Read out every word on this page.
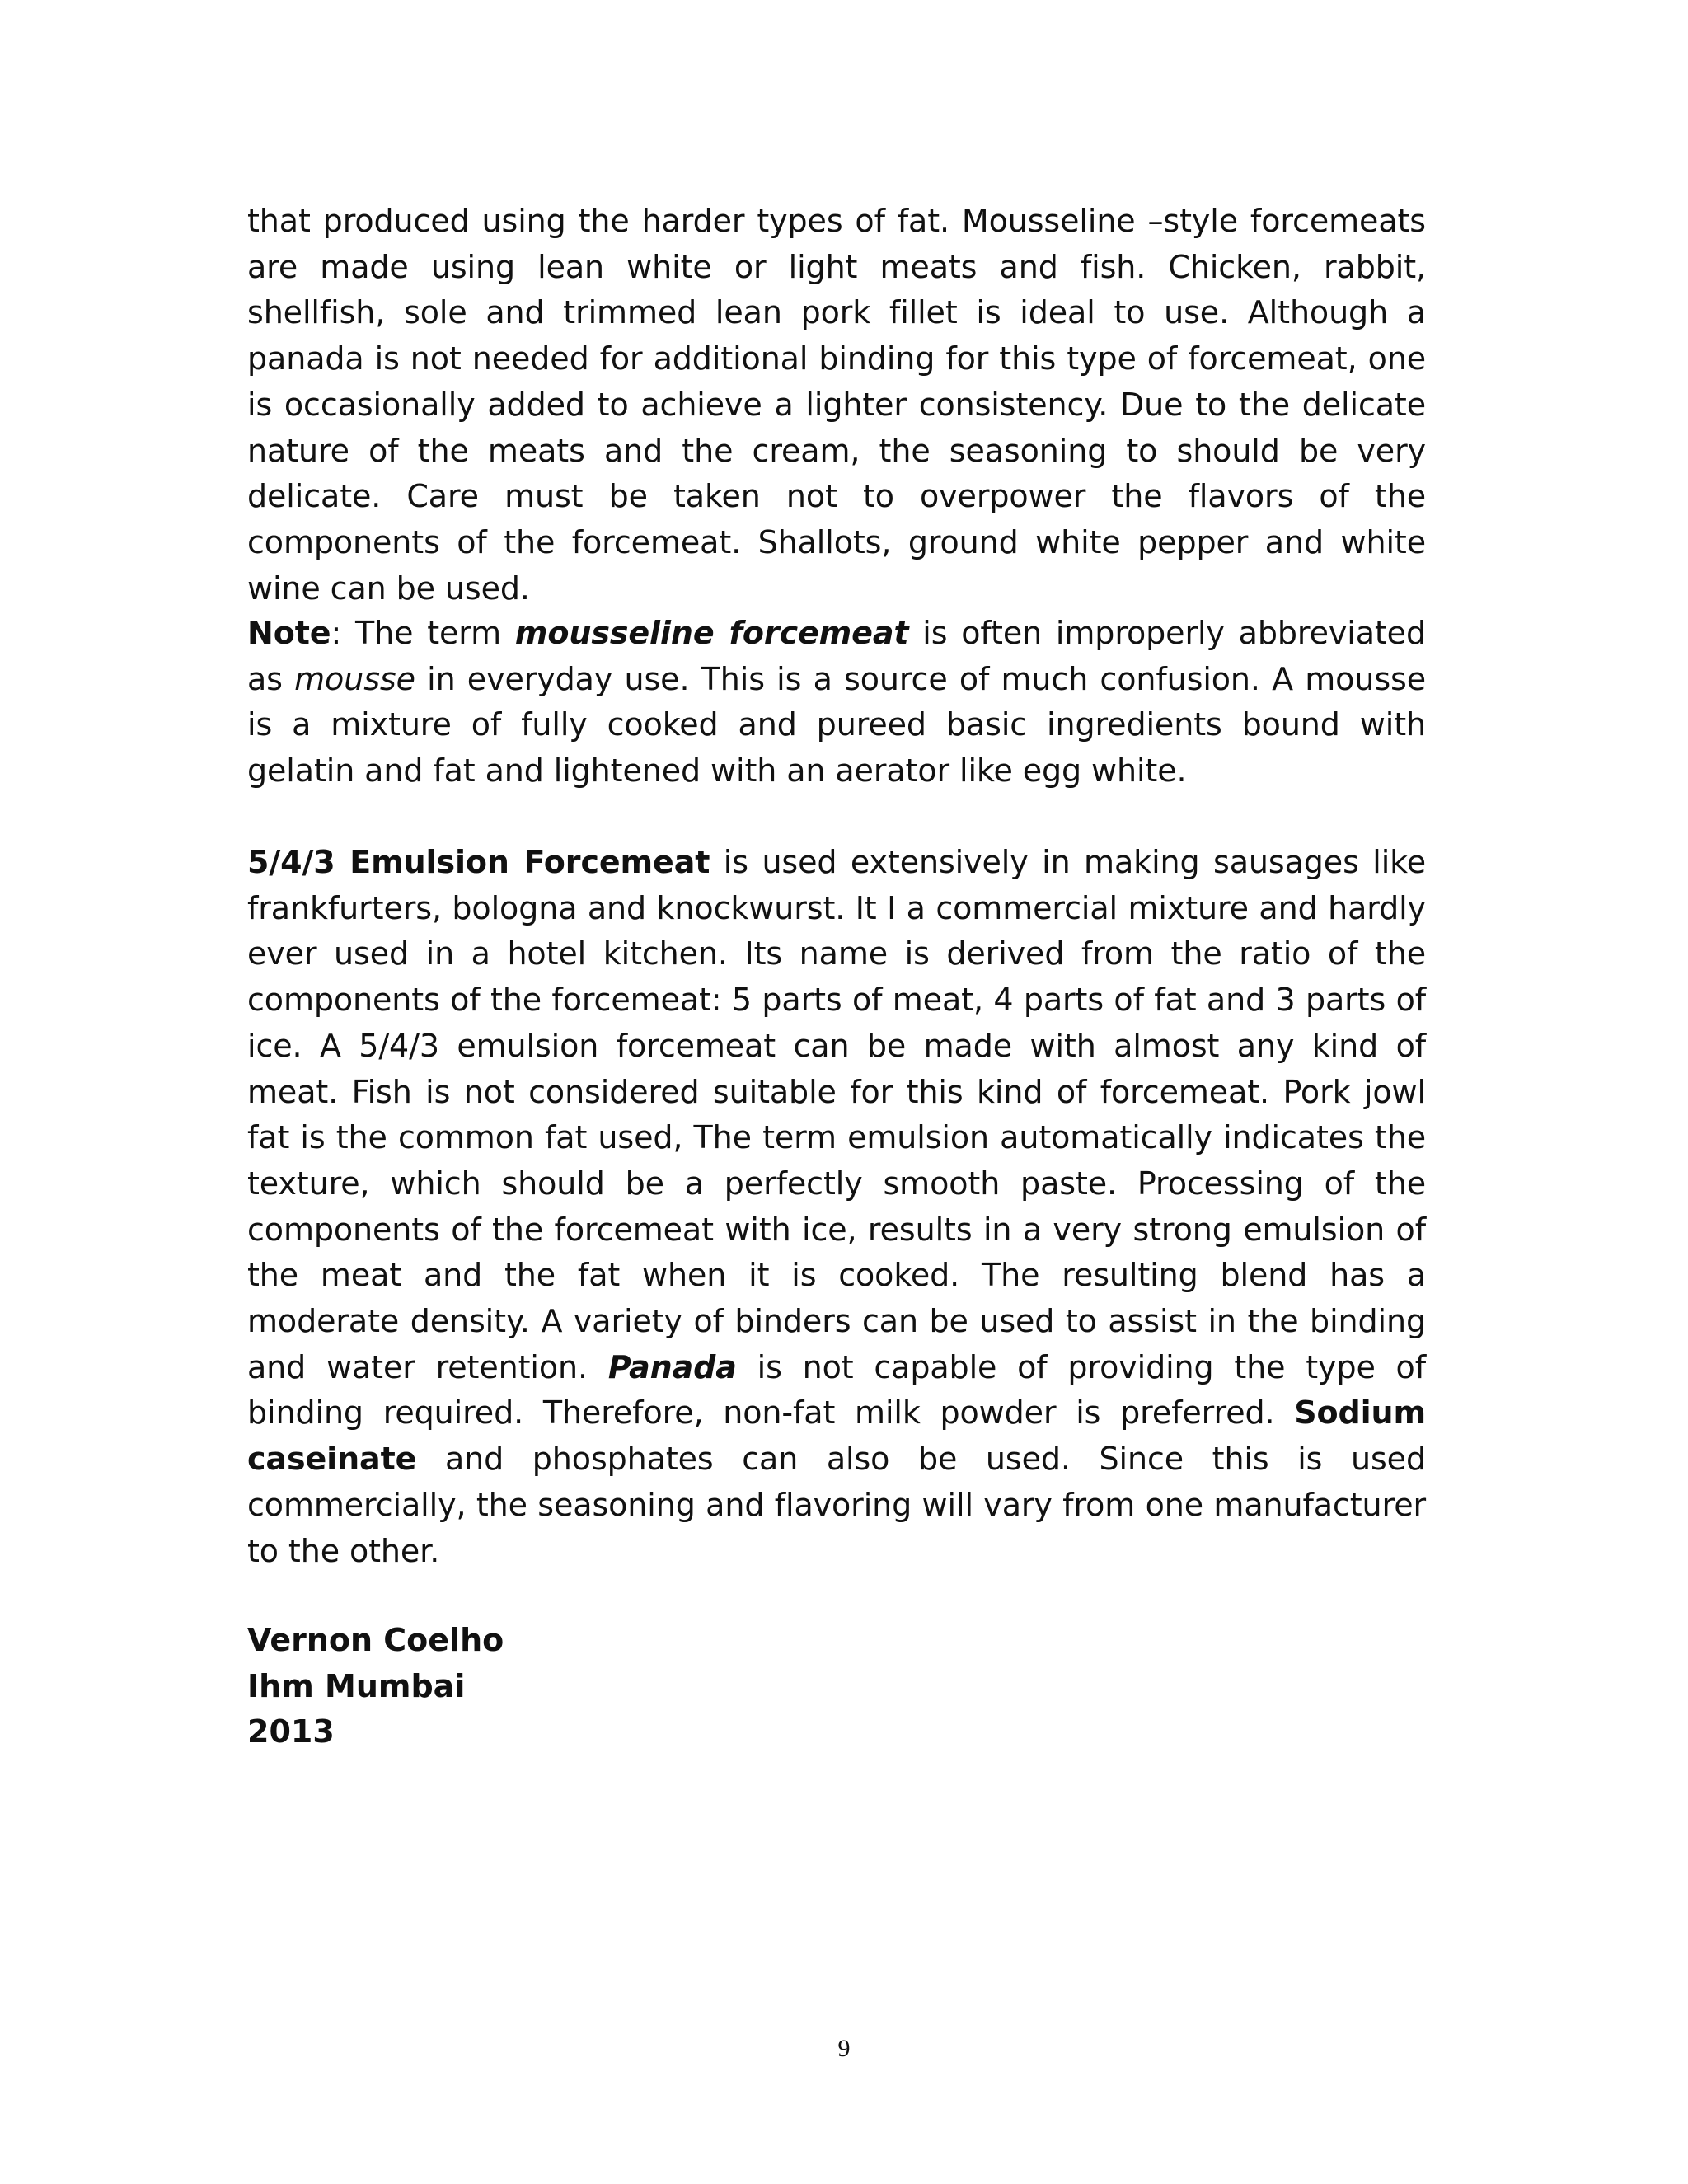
that produced using the harder types of fat. Mousseline –style forcemeats are made using lean white or light meats and fish. Chicken, rabbit, shellfish, sole and trimmed lean pork fillet is ideal to use. Although a panada is not needed for additional binding for this type of forcemeat, one is occasionally added to achieve a lighter consistency. Due to the delicate nature of the meats and the cream, the seasoning to should be very delicate. Care must be taken not to overpower the flavors of the components of the forcemeat. Shallots, ground white pepper and white wine can be used.

Note: The term mousseline forcemeat is often improperly abbreviated as mousse in everyday use. This is a source of much confusion. A mousse is a mixture of fully cooked and pureed basic ingredients bound with gelatin and fat and lightened with an aerator like egg white.

5/4/3 Emulsion Forcemeat is used extensively in making sausages like frankfurters, bologna and knockwurst. It I a commercial mixture and hardly ever used in a hotel kitchen. Its name is derived from the ratio of the components of the forcemeat: 5 parts of meat, 4 parts of fat and 3 parts of ice. A 5/4/3 emulsion forcemeat can be made with almost any kind of meat. Fish is not considered suitable for this kind of forcemeat. Pork jowl fat is the common fat used, The term emulsion automatically indicates the texture, which should be a perfectly smooth paste. Processing of the components of the forcemeat with ice, results in a very strong emulsion of the meat and the fat when it is cooked. The resulting blend has a moderate density. A variety of binders can be used to assist in the binding and water retention. Panada is not capable of providing the type of binding required. Therefore, non-fat milk powder is preferred. Sodium caseinate and phosphates can also be used. Since this is used commercially, the seasoning and flavoring will vary from one manufacturer to the other.

Vernon Coelho
Ihm Mumbai
2013
9
